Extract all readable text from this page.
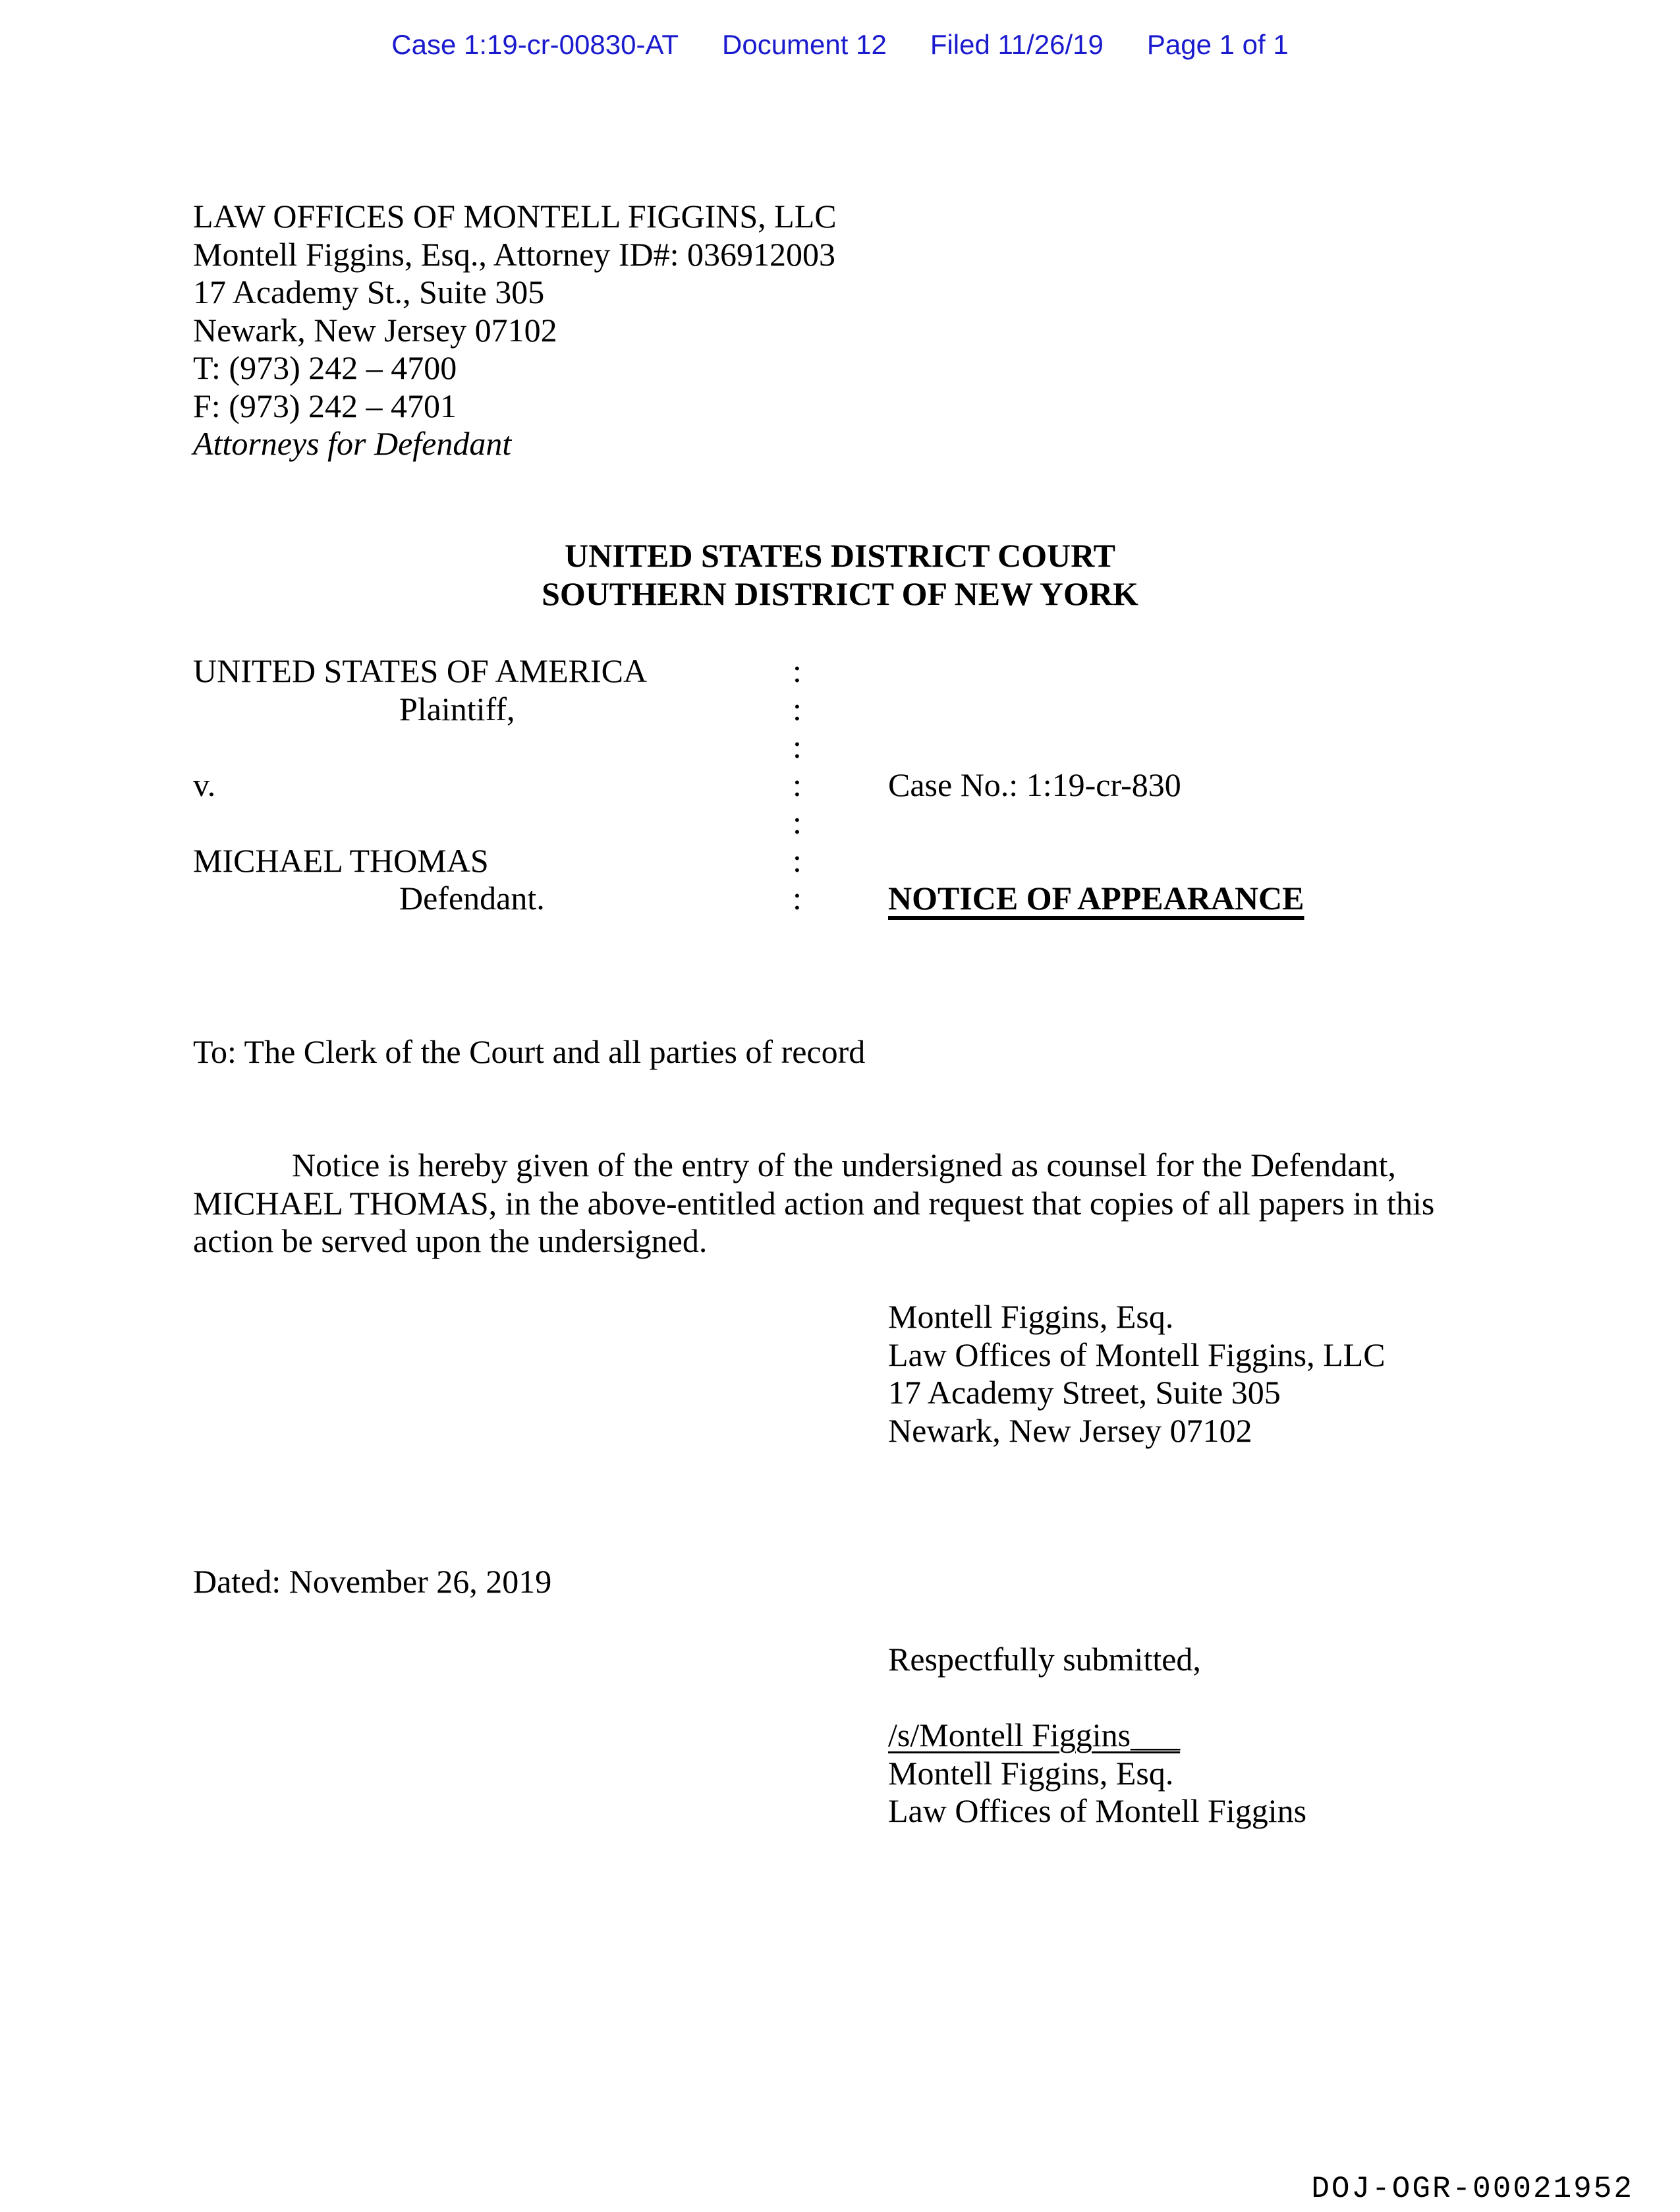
Case 1:19-cr-00830-AT Document 12 Filed 11/26/19 Page 1 of 1
LAW OFFICES OF MONTELL FIGGINS, LLC
Montell Figgins, Esq., Attorney ID#: 036912003
17 Academy St., Suite 305
Newark, New Jersey 07102
T: (973) 242 – 4700
F: (973) 242 – 4701
Attorneys for Defendant
UNITED STATES DISTRICT COURT
SOUTHERN DISTRICT OF NEW YORK
UNITED STATES OF AMERICA
Plaintiff,
v.
MICHAEL THOMAS
Defendant.
:
:
:
:
:
:
:
Case No.: 1:19-cr-830
NOTICE OF APPEARANCE
To: The Clerk of the Court and all parties of record
Notice is hereby given of the entry of the undersigned as counsel for the Defendant,
MICHAEL THOMAS, in the above-entitled action and request that copies of all papers in this
action be served upon the undersigned.
Montell Figgins, Esq.
Law Offices of Montell Figgins, LLC
17 Academy Street, Suite 305
Newark, New Jersey 07102
Dated: November 26, 2019
Respectfully submitted,
/s/Montell Figgins___
Montell Figgins, Esq.
Law Offices of Montell Figgins
DOJ-OGR-00021952
